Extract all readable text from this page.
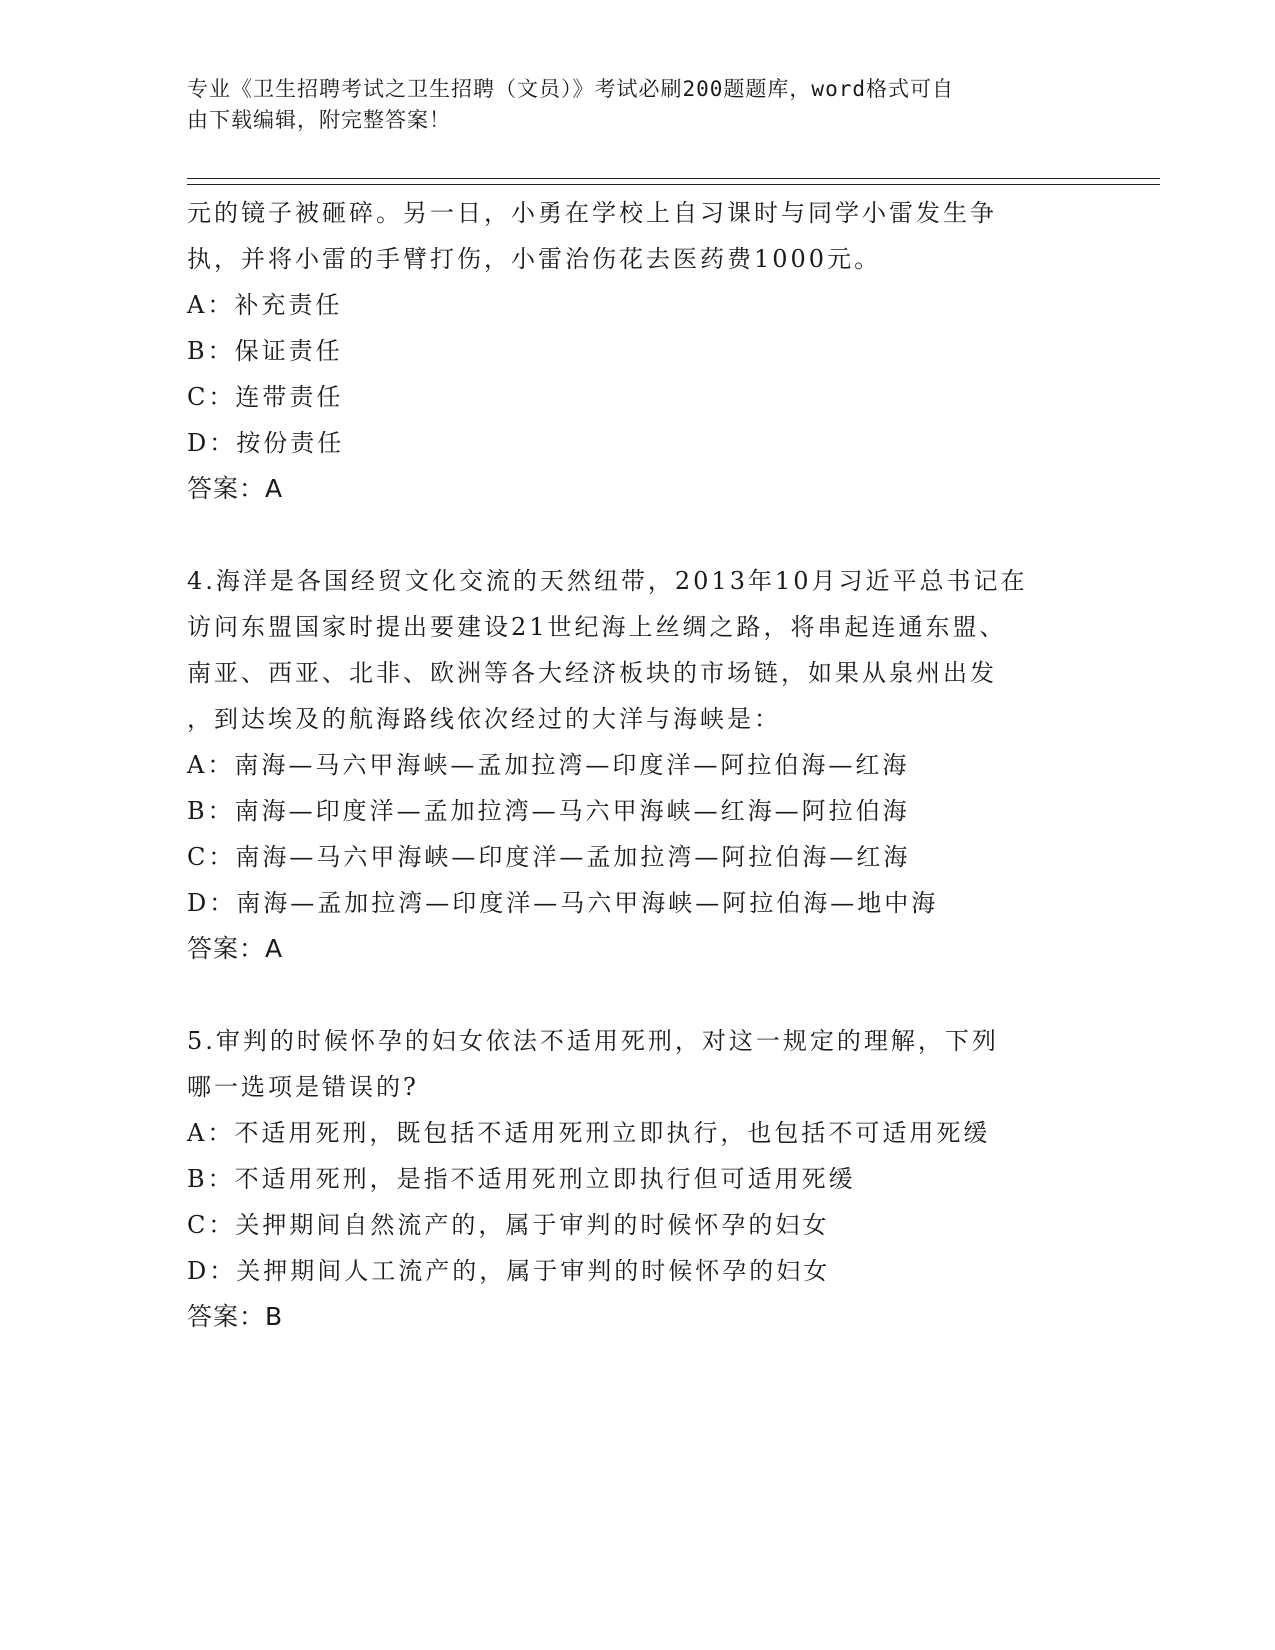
专业《卫生招聘考试之卫生招聘（文员）》考试必刷200题题库，word格式可自
由下载编辑，附完整答案！
元的镜子被砸碎。另一日，小勇在学校上自习课时与同学小雷发生争
执，并将小雷的手臂打伤，小雷治伤花去医药费1000元。
A：补充责任
B：保证责任
C：连带责任
D：按份责任
答案：A
4.海洋是各国经贸文化交流的天然纽带，2013年10月习近平总书记在
访问东盟国家时提出要建设21世纪海上丝绸之路，将串起连通东盟、
南亚、西亚、北非、欧洲等各大经济板块的市场链，如果从泉州出发
，到达埃及的航海路线依次经过的大洋与海峡是：
A：南海—马六甲海峡—孟加拉湾—印度洋—阿拉伯海—红海
B：南海—印度洋—孟加拉湾—马六甲海峡—红海—阿拉伯海
C：南海—马六甲海峡—印度洋—孟加拉湾—阿拉伯海—红海
D：南海—孟加拉湾—印度洋—马六甲海峡—阿拉伯海—地中海
答案：A
5.审判的时候怀孕的妇女依法不适用死刑，对这一规定的理解，下列
哪一选项是错误的?
A：不适用死刑，既包括不适用死刑立即执行，也包括不可适用死缓
B：不适用死刑，是指不适用死刑立即执行但可适用死缓
C：关押期间自然流产的，属于审判的时候怀孕的妇女
D：关押期间人工流产的，属于审判的时候怀孕的妇女
答案：B
